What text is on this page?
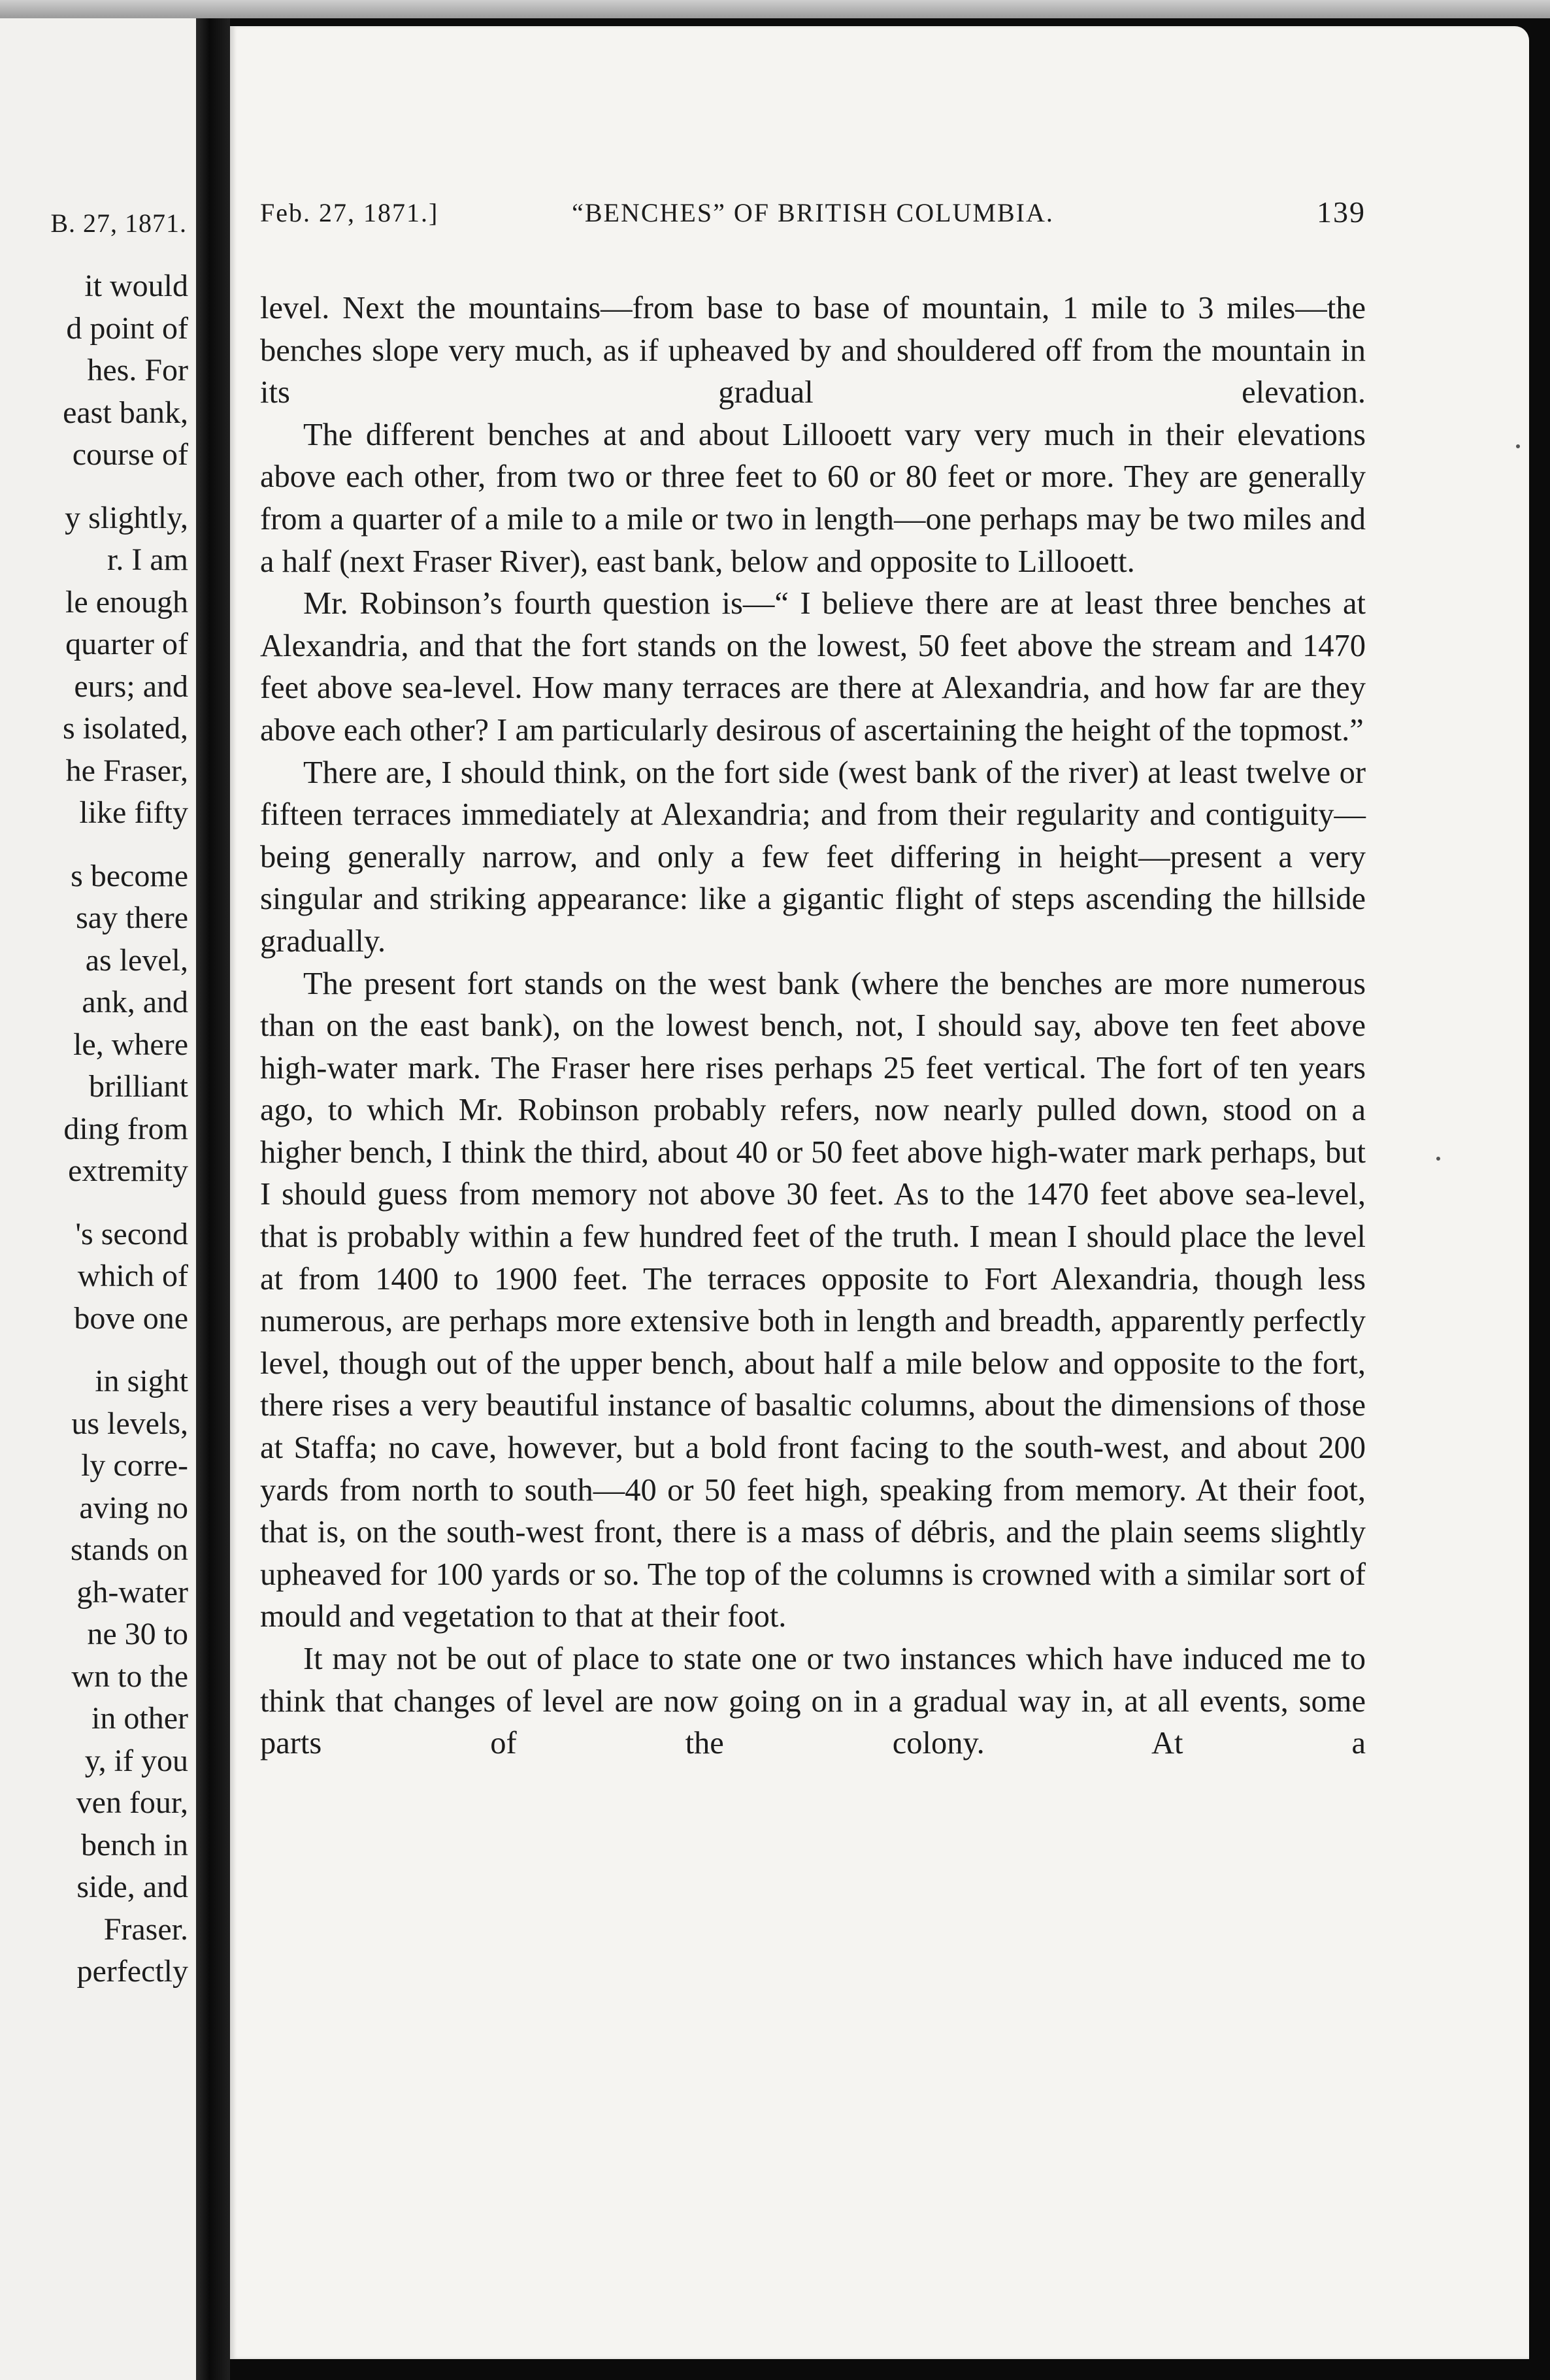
B. 27, 1871.
it would
d point of
hes. For
east bank,
course of
y slightly,
r. I am
le enough
quarter of
eurs; and
s isolated,
he Fraser,
like fifty
s become
say there
as level,
ank, and
le, where
brilliant
ding from
extremity
's second
which of
bove one
in sight
us levels,
ly corre-
aving no
stands on
gh-water
ne 30 to
wn to the
in other
y, if you
ven four,
bench in
side, and
Fraser.
perfectly
Feb. 27, 1871.]	“BENCHES” OF BRITISH COLUMBIA.	139

level. Next the mountains—from base to base of mountain, 1 mile to 3 miles—the benches slope very much, as if upheaved by and shouldered off from the mountain in its gradual elevation.

The different benches at and about Lillooett vary very much in their elevations above each other, from two or three feet to 60 or 80 feet or more. They are generally from a quarter of a mile to a mile or two in length—one perhaps may be two miles and a half (next Fraser River), east bank, below and opposite to Lillooett.

Mr. Robinson’s fourth question is—“ I believe there are at least three benches at Alexandria, and that the fort stands on the lowest, 50 feet above the stream and 1470 feet above sea-level. How many terraces are there at Alexandria, and how far are they above each other? I am particularly desirous of ascertaining the height of the topmost.”

There are, I should think, on the fort side (west bank of the river) at least twelve or fifteen terraces immediately at Alexandria; and from their regularity and contiguity—being generally narrow, and only a few feet differing in height—present a very singular and striking appearance: like a gigantic flight of steps ascending the hillside gradually.

The present fort stands on the west bank (where the benches are more numerous than on the east bank), on the lowest bench, not, I should say, above ten feet above high-water mark. The Fraser here rises perhaps 25 feet vertical. The fort of ten years ago, to which Mr. Robinson probably refers, now nearly pulled down, stood on a higher bench, I think the third, about 40 or 50 feet above high-water mark perhaps, but I should guess from memory not above 30 feet. As to the 1470 feet above sea-level, that is probably within a few hundred feet of the truth. I mean I should place the level at from 1400 to 1900 feet. The terraces opposite to Fort Alexandria, though less numerous, are perhaps more extensive both in length and breadth, apparently perfectly level, though out of the upper bench, about half a mile below and opposite to the fort, there rises a very beautiful instance of basaltic columns, about the dimensions of those at Staffa; no cave, however, but a bold front facing to the south-west, and about 200 yards from north to south—40 or 50 feet high, speaking from memory. At their foot, that is, on the south-west front, there is a mass of débris, and the plain seems slightly upheaved for 100 yards or so. The top of the columns is crowned with a similar sort of mould and vegetation to that at their foot.

It may not be out of place to state one or two instances which have induced me to think that changes of level are now going on in a gradual way in, at all events, some parts of the colony. At a
